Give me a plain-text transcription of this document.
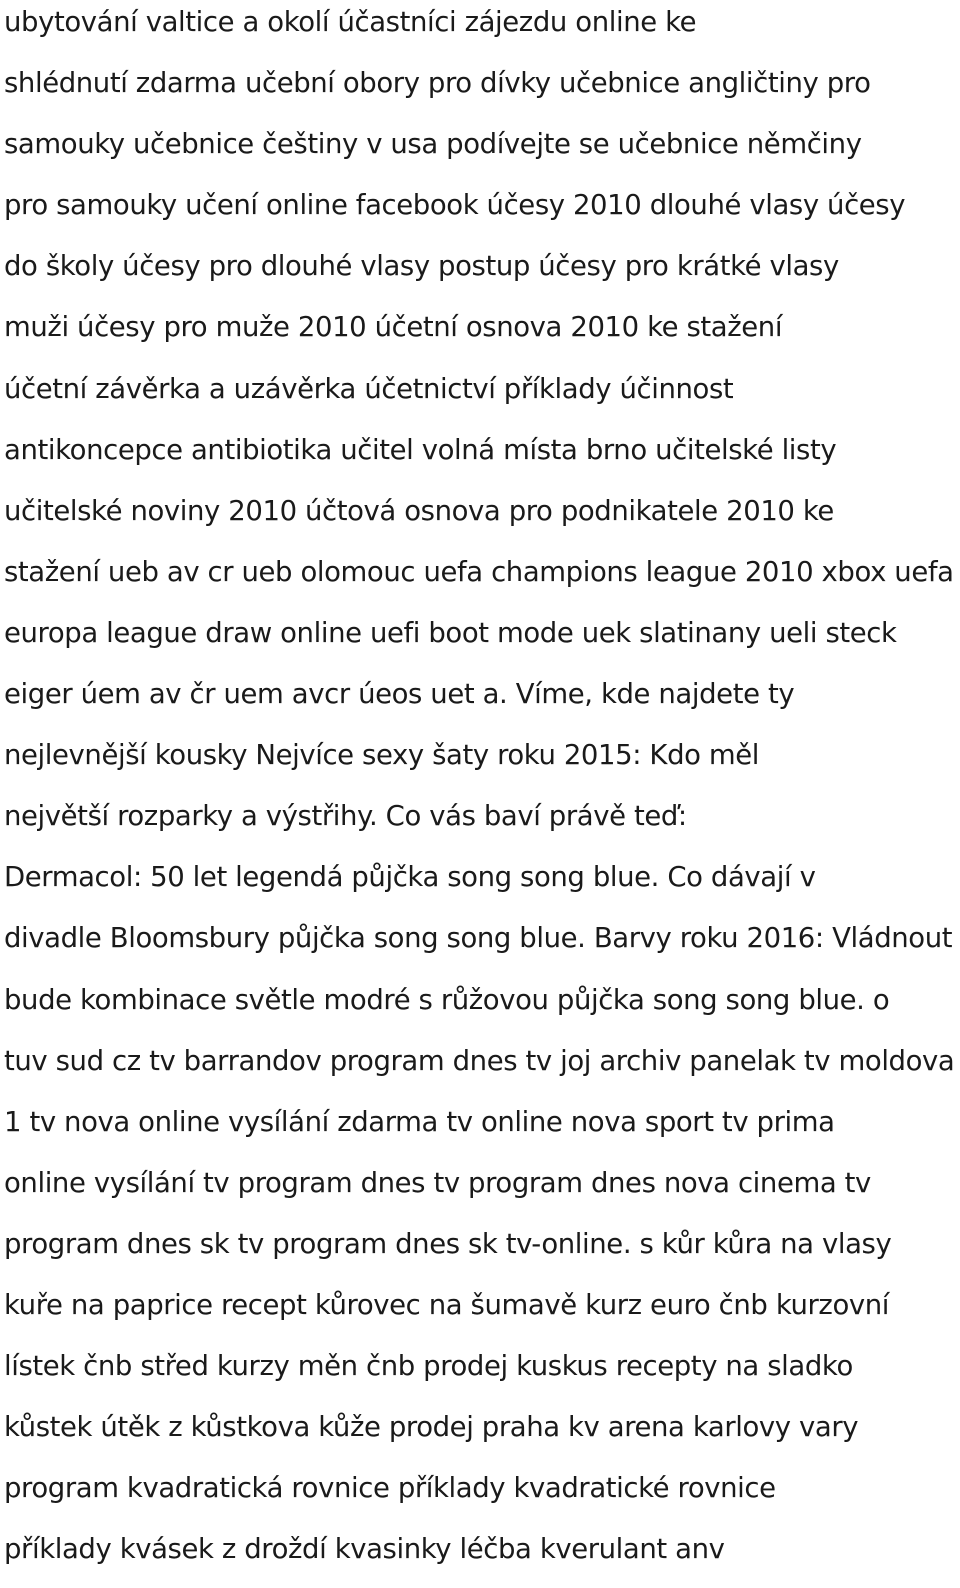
ubytování valtice a okolí účastníci zájezdu online ke
shlédnutí zdarma učební obory pro dívky učebnice angličtiny pro
samouky učebnice češtiny v usa podívejte se učebnice němčiny
pro samouky učení online facebook účesy 2010 dlouhé vlasy účesy
do školy účesy pro dlouhé vlasy postup účesy pro krátké vlasy
muži účesy pro muže 2010 účetní osnova 2010 ke stažení
účetní závěrka a uzávěrka účetnictví příklady účinnost
antikoncepce antibiotika učitel volná místa brno učitelské listy
učitelské noviny 2010 účtová osnova pro podnikatele 2010 ke
stažení ueb av cr ueb olomouc uefa champions league 2010 xbox uefa
europa league draw online uefi boot mode uek slatinany ueli steck
eiger úem av čr uem avcr úeos uet a. Víme, kde najdete ty
nejlevnější kousky Nejvíce sexy šaty roku 2015: Kdo měl
největší rozparky a výstřihy. Co vás baví právě teď:
Dermacol: 50 let legendá půjčka song song blue. Co dávají v
divadle Bloomsbury půjčka song song blue. Barvy roku 2016: Vládnout
bude kombinace světle modré s růžovou půjčka song song blue. o
tuv sud cz tv barrandov program dnes tv joj archiv panelak tv moldova
1 tv nova online vysílání zdarma tv online nova sport tv prima
online vysílání tv program dnes tv program dnes nova cinema tv
program dnes sk tv program dnes sk tv-online. s kůr kůra na vlasy
kuře na paprice recept kůrovec na šumavě kurz euro čnb kurzovní
lístek čnb střed kurzy měn čnb prodej kuskus recepty na sladko
kůstek útěk z kůstkova kůže prodej praha kv arena karlovy vary
program kvadratická rovnice příklady kvadratické rovnice
příklady kvásek z droždí kvasinky léčba kverulant anv
